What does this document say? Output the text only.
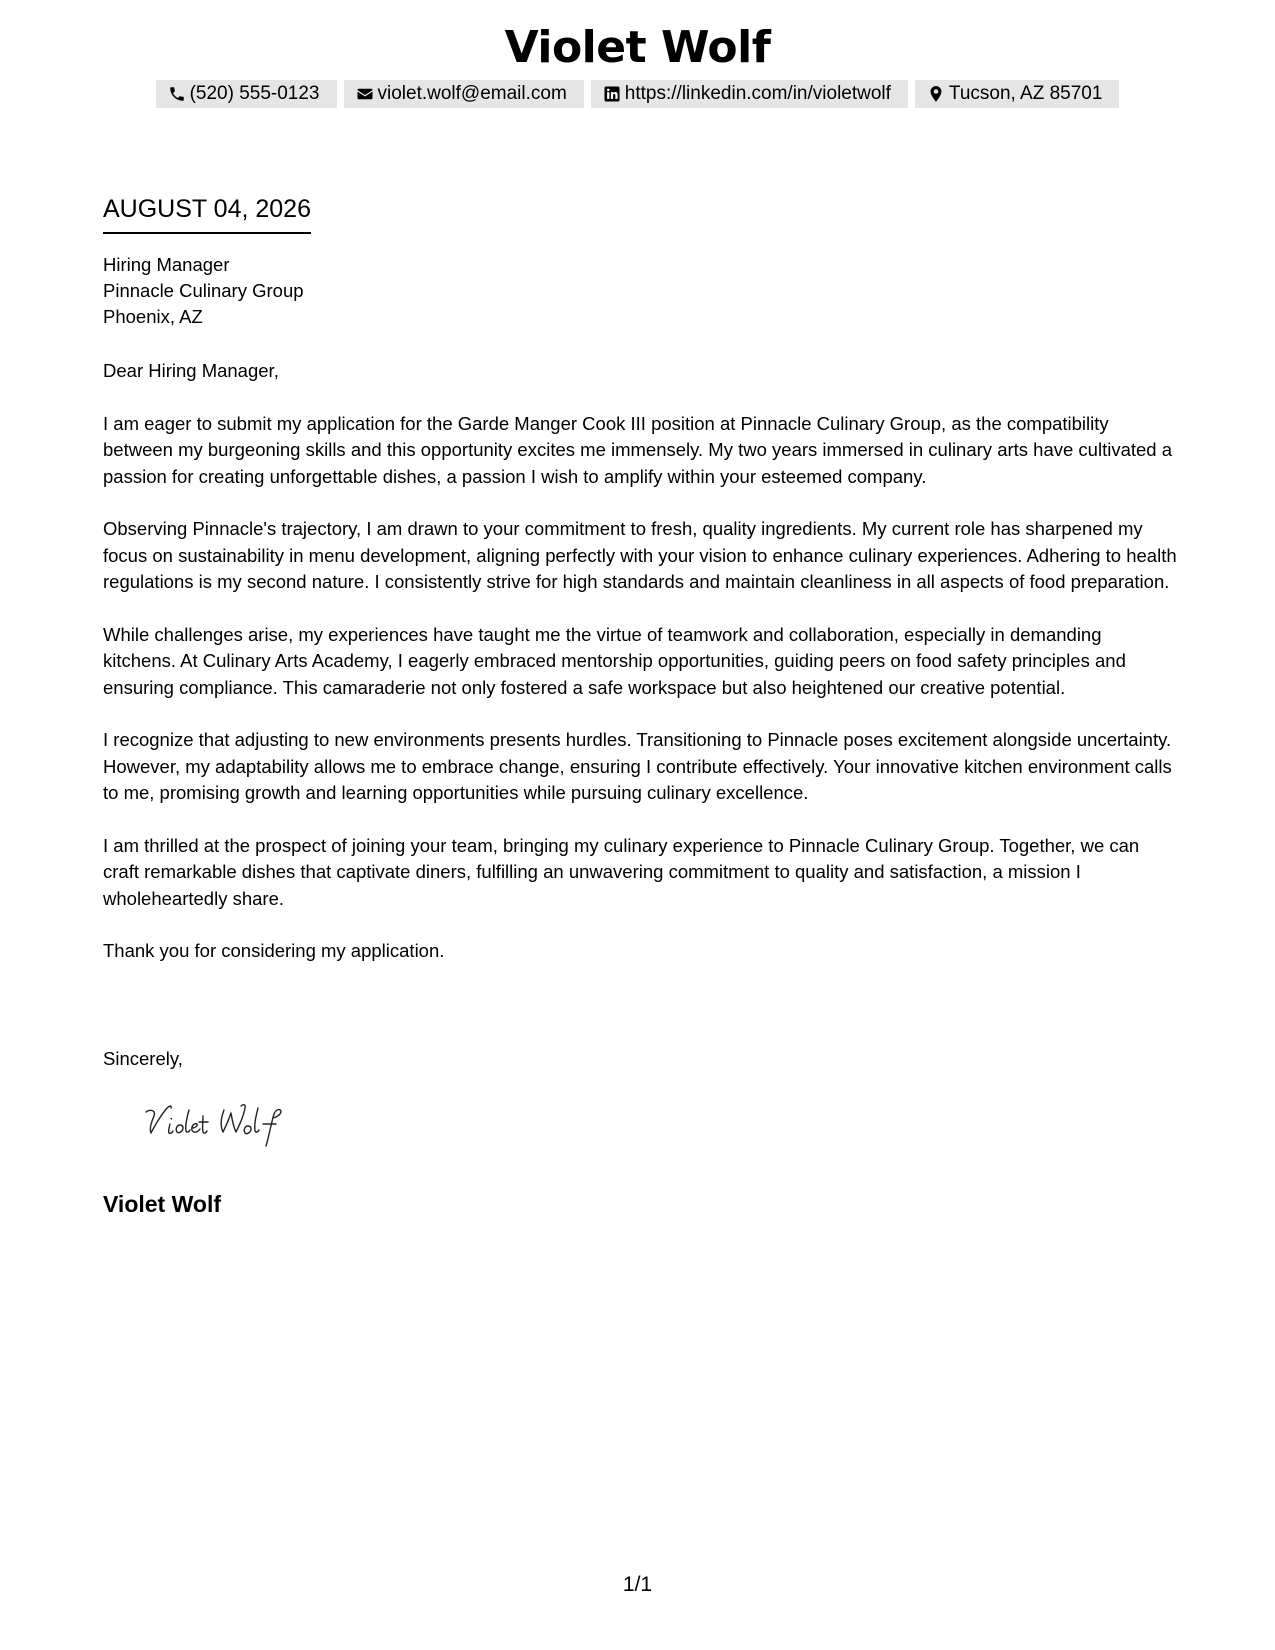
Violet Wolf
(520) 555-0123	violet.wolf@email.com	https://linkedin.com/in/violetwolf	Tucson, AZ 85701
AUGUST 04, 2026
Hiring Manager
Pinnacle Culinary Group
Phoenix, AZ

Dear Hiring Manager,

I am eager to submit my application for the Garde Manger Cook III position at Pinnacle Culinary Group, as the compatibility between my burgeoning skills and this opportunity excites me immensely. My two years immersed in culinary arts have cultivated a passion for creating unforgettable dishes, a passion I wish to amplify within your esteemed company.

Observing Pinnacle's trajectory, I am drawn to your commitment to fresh, quality ingredients. My current role has sharpened my focus on sustainability in menu development, aligning perfectly with your vision to enhance culinary experiences. Adhering to health regulations is my second nature. I consistently strive for high standards and maintain cleanliness in all aspects of food preparation.

While challenges arise, my experiences have taught me the virtue of teamwork and collaboration, especially in demanding kitchens. At Culinary Arts Academy, I eagerly embraced mentorship opportunities, guiding peers on food safety principles and ensuring compliance. This camaraderie not only fostered a safe workspace but also heightened our creative potential.

I recognize that adjusting to new environments presents hurdles. Transitioning to Pinnacle poses excitement alongside uncertainty. However, my adaptability allows me to embrace change, ensuring I contribute effectively. Your innovative kitchen environment calls to me, promising growth and learning opportunities while pursuing culinary excellence.

I am thrilled at the prospect of joining your team, bringing my culinary experience to Pinnacle Culinary Group. Together, we can craft remarkable dishes that captivate diners, fulfilling an unwavering commitment to quality and satisfaction, a mission I wholeheartedly share.

Thank you for considering my application.

Sincerely,
Violet Wolf
1/1
